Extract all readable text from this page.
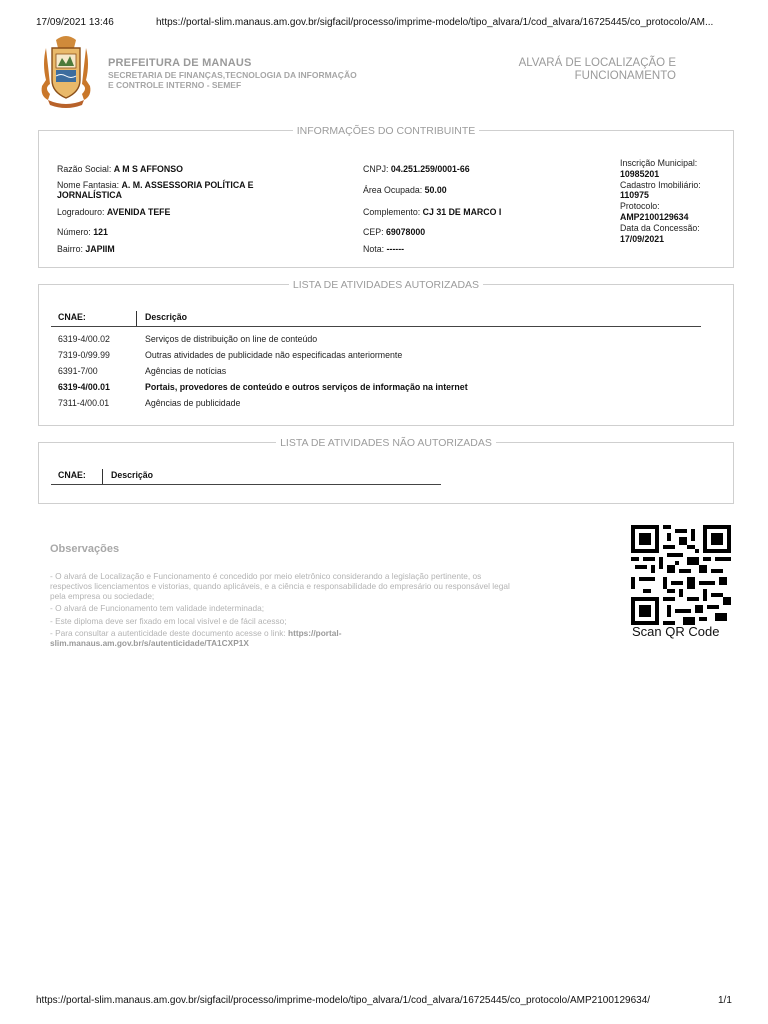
17/09/2021 13:46	https://portal-slim.manaus.am.gov.br/sigfacil/processo/imprime-modelo/tipo_alvara/1/cod_alvara/16725445/co_protocolo/AM...
PREFEITURA DE MANAUS
SECRETARIA DE FINANÇAS,TECNOLOGIA DA INFORMAÇÃO
E CONTROLE INTERNO - SEMEF
ALVARÁ DE LOCALIZAÇÃO E
FUNCIONAMENTO
INFORMAÇÕES DO CONTRIBUINTE
Razão Social: A M S AFFONSO
Nome Fantasia: A. M. ASSESSORIA POLÍTICA E JORNALÍSTICA
Logradouro: AVENIDA TEFE
Número: 121
Bairro: JAPIIM
CNPJ: 04.251.259/0001-66
Área Ocupada: 50.00
Complemento: CJ 31 DE MARCO I
CEP: 69078000
Nota: ------
Inscrição Municipal:
10985201
Cadastro Imobiliário:
110975
Protocolo:
AMP2100129634
Data da Concessão:
17/09/2021
LISTA DE ATIVIDADES AUTORIZADAS
CNAE:	Descrição
6319-4/00.02	Serviços de distribuição on line de conteúdo
7319-0/99.99	Outras atividades de publicidade não especificadas anteriormente
6391-7/00	Agências de notícias
6319-4/00.01	Portais, provedores de conteúdo e outros serviços de informação na internet
7311-4/00.01	Agências de publicidade
LISTA DE ATIVIDADES NÃO AUTORIZADAS
CNAE:	Descrição
Observações
- O alvará de Localização e Funcionamento é concedido por meio eletrônico considerando a legislação pertinente, os
respectivos licenciamentos e vistorias, quando aplicáveis, e a ciência e responsabilidade do empresário ou responsável legal
pela empresa ou sociedade;
- O alvará de Funcionamento tem validade indeterminada;
- Este diploma deve ser fixado em local visível e de fácil acesso;
- Para consultar a autenticidade deste documento acesse o link: https://portal-
slim.manaus.am.gov.br/s/autenticidade/TA1CXP1X
Scan QR Code
https://portal-slim.manaus.am.gov.br/sigfacil/processo/imprime-modelo/tipo_alvara/1/cod_alvara/16725445/co_protocolo/AMP2100129634/	1/1
